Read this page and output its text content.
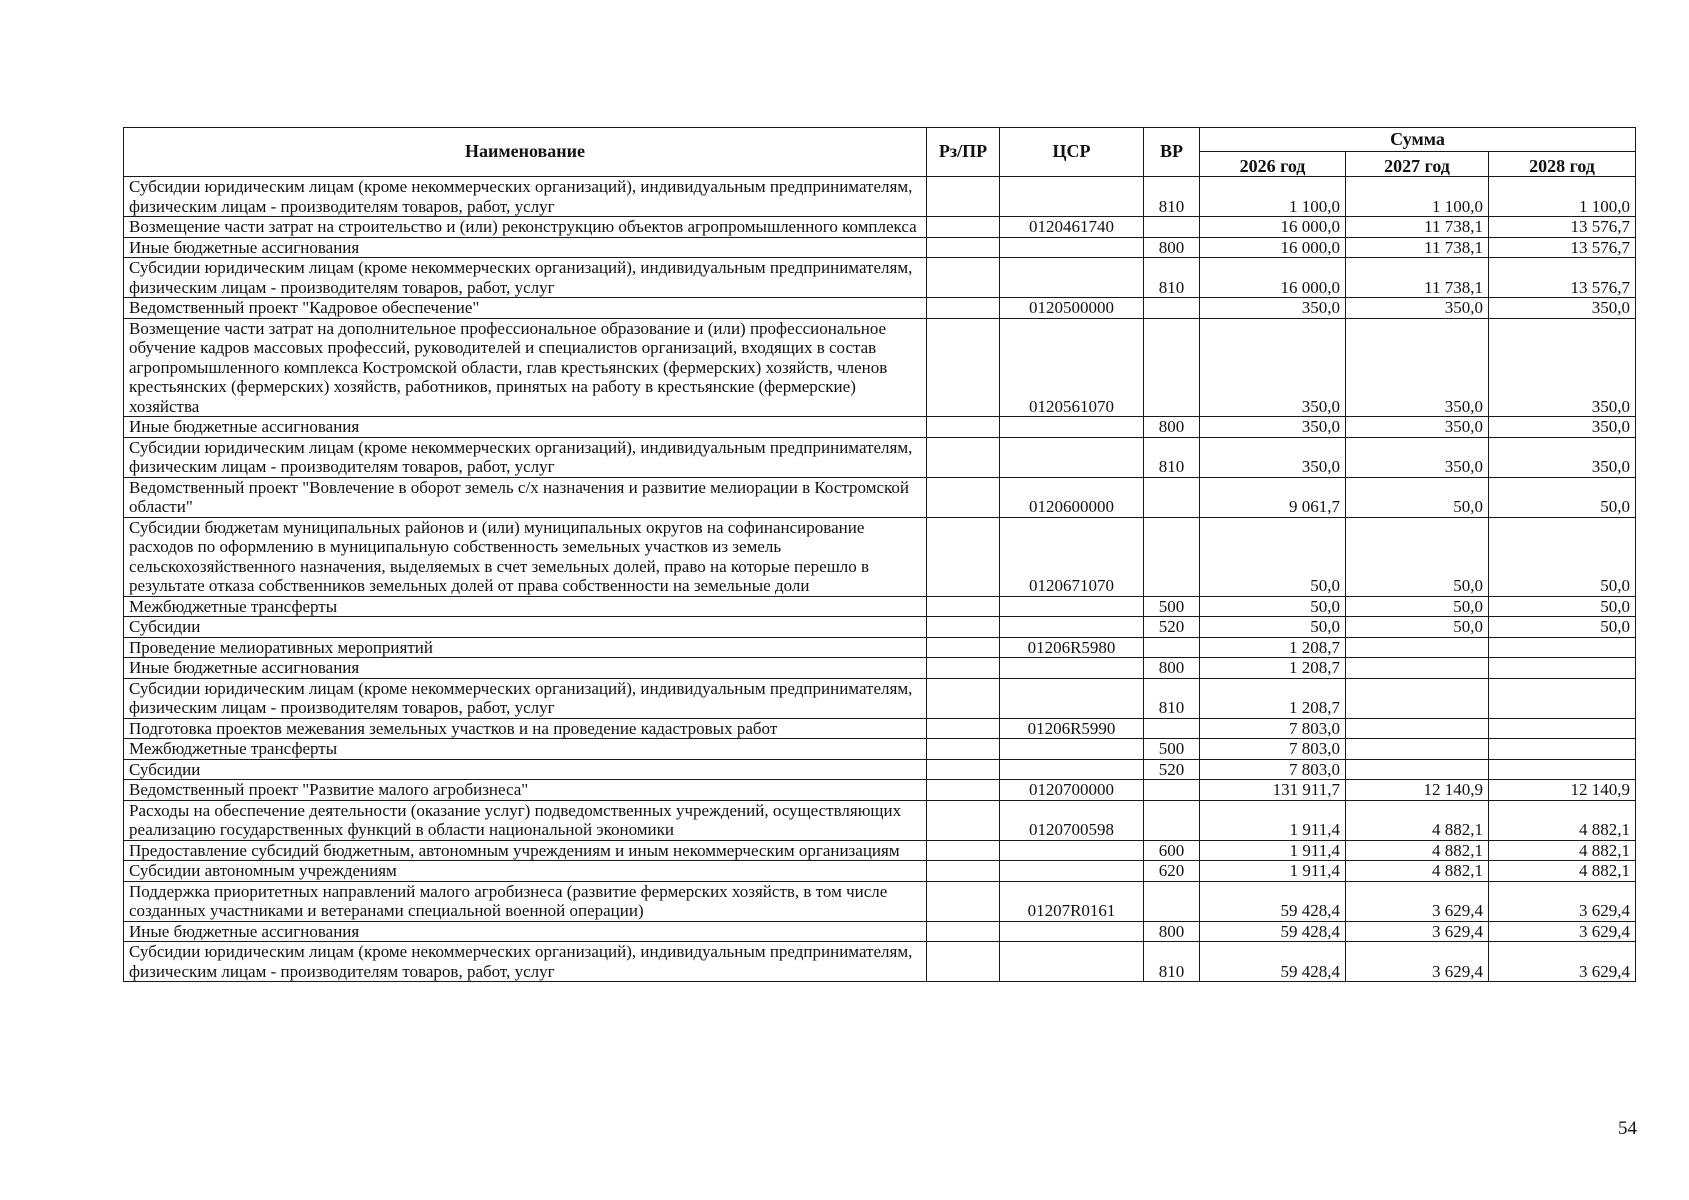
Наименование	Рз/ПР	ЦСР	ВР	Сумма		
				2026 год	2027 год	2028 год
Субсидии юридическим лицам (кроме некоммерческих организаций), индивидуальным предпринимателям, физическим лицам - производителям товаров, работ, услуг			810	1 100,0	1 100,0	1 100,0
Возмещение части затрат на строительство и (или) реконструкцию объектов агропромышленного комплекса		0120461740		16 000,0	11 738,1	13 576,7
Иные бюджетные ассигнования			800	16 000,0	11 738,1	13 576,7
Субсидии юридическим лицам (кроме некоммерческих организаций), индивидуальным предпринимателям, физическим лицам - производителям товаров, работ, услуг			810	16 000,0	11 738,1	13 576,7
Ведомственный проект "Кадровое обеспечение"		0120500000		350,0	350,0	350,0
Возмещение части затрат на дополнительное профессиональное образование и (или) профессиональное обучение кадров массовых профессий, руководителей и специалистов организаций, входящих в состав агропромышленного комплекса Костромской области, глав крестьянских (фермерских) хозяйств, членов крестьянских (фермерских) хозяйств, работников, принятых на работу в крестьянские (фермерские) хозяйства		0120561070		350,0	350,0	350,0
Иные бюджетные ассигнования			800	350,0	350,0	350,0
Субсидии юридическим лицам (кроме некоммерческих организаций), индивидуальным предпринимателям, физическим лицам - производителям товаров, работ, услуг			810	350,0	350,0	350,0
Ведомственный проект "Вовлечение в оборот земель с/х назначения и развитие мелиорации в Костромской области"		0120600000		9 061,7	50,0	50,0
Субсидии бюджетам муниципальных районов и (или) муниципальных округов на софинансирование расходов по оформлению в муниципальную собственность земельных участков из земель сельскохозяйственного назначения, выделяемых в счет земельных долей, право на которые перешло в результате отказа собственников земельных долей от права собственности на земельные доли		0120671070		50,0	50,0	50,0
Межбюджетные трансферты			500	50,0	50,0	50,0
Субсидии			520	50,0	50,0	50,0
Проведение мелиоративных мероприятий		01206R5980		1 208,7		
Иные бюджетные ассигнования			800	1 208,7		
Субсидии юридическим лицам (кроме некоммерческих организаций), индивидуальным предпринимателям, физическим лицам - производителям товаров, работ, услуг			810	1 208,7		
Подготовка проектов межевания земельных участков и на проведение кадастровых работ		01206R5990		7 803,0		
Межбюджетные трансферты			500	7 803,0		
Субсидии			520	7 803,0		
Ведомственный проект "Развитие малого агробизнеса"		0120700000		131 911,7	12 140,9	12 140,9
Расходы на обеспечение деятельности (оказание услуг) подведомственных учреждений, осуществляющих реализацию государственных функций в области национальной экономики		0120700598		1 911,4	4 882,1	4 882,1
Предоставление субсидий бюджетным, автономным учреждениям и иным некоммерческим организациям			600	1 911,4	4 882,1	4 882,1
Субсидии автономным учреждениям			620	1 911,4	4 882,1	4 882,1
Поддержка приоритетных направлений малого агробизнеса (развитие фермерских хозяйств, в том числе созданных участниками и ветеранами специальной военной операции)		01207R0161		59 428,4	3 629,4	3 629,4
Иные бюджетные ассигнования			800	59 428,4	3 629,4	3 629,4
Субсидии юридическим лицам (кроме некоммерческих организаций), индивидуальным предпринимателям, физическим лицам - производителям товаров, работ, услуг			810	59 428,4	3 629,4	3 629,4
54
